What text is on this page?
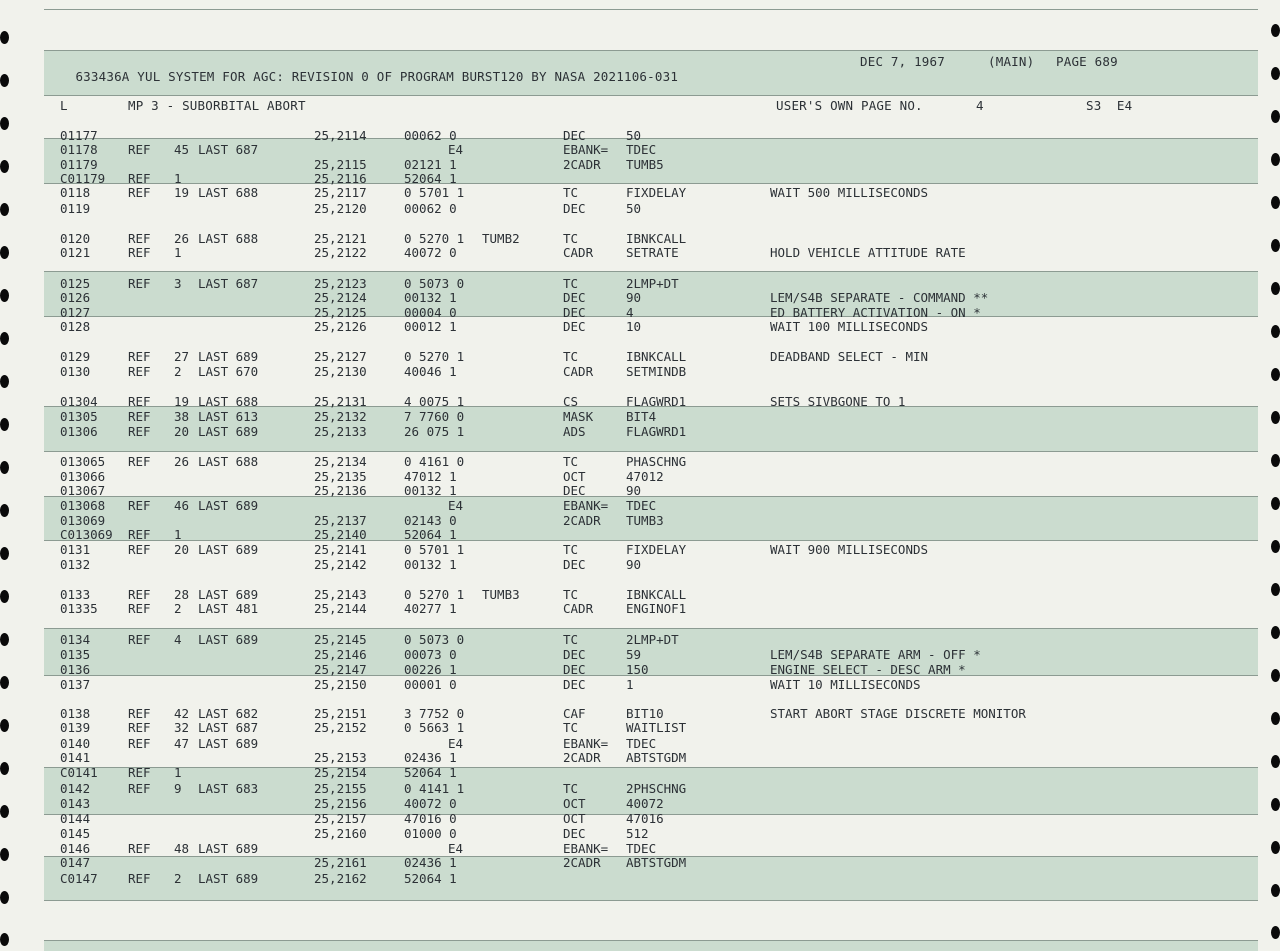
633436A YUL SYSTEM FOR AGC: REVISION 0 OF PROGRAM BURST120 BY NASA 2021106-031

DEC 7, 1967	(MAIN) PAGE 689
L	MP 3 - SUBORBITAL ABORT	USER'S OWN PAGE NO.	4	S3  E4
01177	25,2114	00062 0	DEC	50
01178 REF 45 LAST 687	E4	EBANK= TDEC
01179	25,2115	02121 1	2CADR TUMB5
C01179 REF 1	25,2116	52064 1
0118	REF 19 LAST 688	25,2117	0 5701 1	TC	FIXDELAY	WAIT 500 MILLISECONDS
0119	25,2120	00062 0	DEC	50
0120	REF 26 LAST 688	25,2121	0 5270 1 TUMB2	TC	IBNKCALL
0121	REF 1	25,2122	40072 0	CADR	SETRATE	HOLD VEHICLE ATTITUDE RATE
0125	REF 3 LAST 687	25,2123	0 5073 0	TC	2LMP+DT
0126	25,2124	00132 1	DEC	90	LEM/S4B SEPARATE - COMMAND **
0127	25,2125	00004 0	DEC	4	ED BATTERY ACTIVATION - ON *
0128	25,2126	00012 1	DEC	10	WAIT 100 MILLISECONDS
0129	REF 27 LAST 689	25,2127	0 5270 1	TC	IBNKCALL	DEADBAND SELECT - MIN
0130	REF 2 LAST 670	25,2130	40046 1	CADR	SETMINDB
01304 REF 19 LAST 688	25,2131	4 0075 1	CS	FLAGWRD1	SETS SIVBGONE TO 1
01305 REF 38 LAST 613	25,2132	7 7760 0	MASK	BIT4
01306 REF 20 LAST 689	25,2133	26 075 1	ADS	FLAGWRD1
013065 REF 26 LAST 688	25,2134	0 4161 0	TC	PHASCHNG
013066	25,2135	47012 1	OCT	47012
013067	25,2136	00132 1	DEC	90
013068 REF 46 LAST 689	E4	EBANK= TDEC
013069	25,2137	02143 0	2CADR TUMB3
C013069 REF 1	25,2140	52064 1
0131	REF 20 LAST 689	25,2141	0 5701 1	TC	FIXDELAY	WAIT 900 MILLISECONDS
0132	25,2142	00132 1	DEC	90
0133	REF 28 LAST 689	25,2143	0 5270 1 TUMB3	TC	IBNKCALL
01335 REF 2 LAST 481	25,2144	40277 1	CADR	ENGINOF1
0134	REF 4 LAST 689	25,2145	0 5073 0	TC	2LMP+DT
0135	25,2146	00073 0	DEC	59	LEM/S4B SEPARATE ARM - OFF *
0136	25,2147	00226 1	DEC	150	ENGINE SELECT - DESC ARM *
0137	25,2150	00001 0	DEC	1	WAIT 10 MILLISECONDS
0138	REF 42 LAST 682	25,2151	3 7752 0	CAF	BIT10	START ABORT STAGE DISCRETE MONITOR
0139	REF 32 LAST 687	25,2152	0 5663 1	TC	WAITLIST
0140	REF 47 LAST 689	E4	EBANK= TDEC
0141	25,2153	02436 1	2CADR ABTSTGDM
C0141 REF 1	25,2154	52064 1
0142	REF 9 LAST 683	25,2155	0 4141 1	TC	2PHSCHNG
0143	25,2156	40072 0	OCT	40072
0144	25,2157	47016 0	OCT	47016
0145	25,2160	01000 0	DEC	512
0146	REF 48 LAST 689	E4	EBANK= TDEC
0147	25,2161	02436 1	2CADR ABTSTGDM
C0147 REF 2 LAST 689	25,2162	52064 1
